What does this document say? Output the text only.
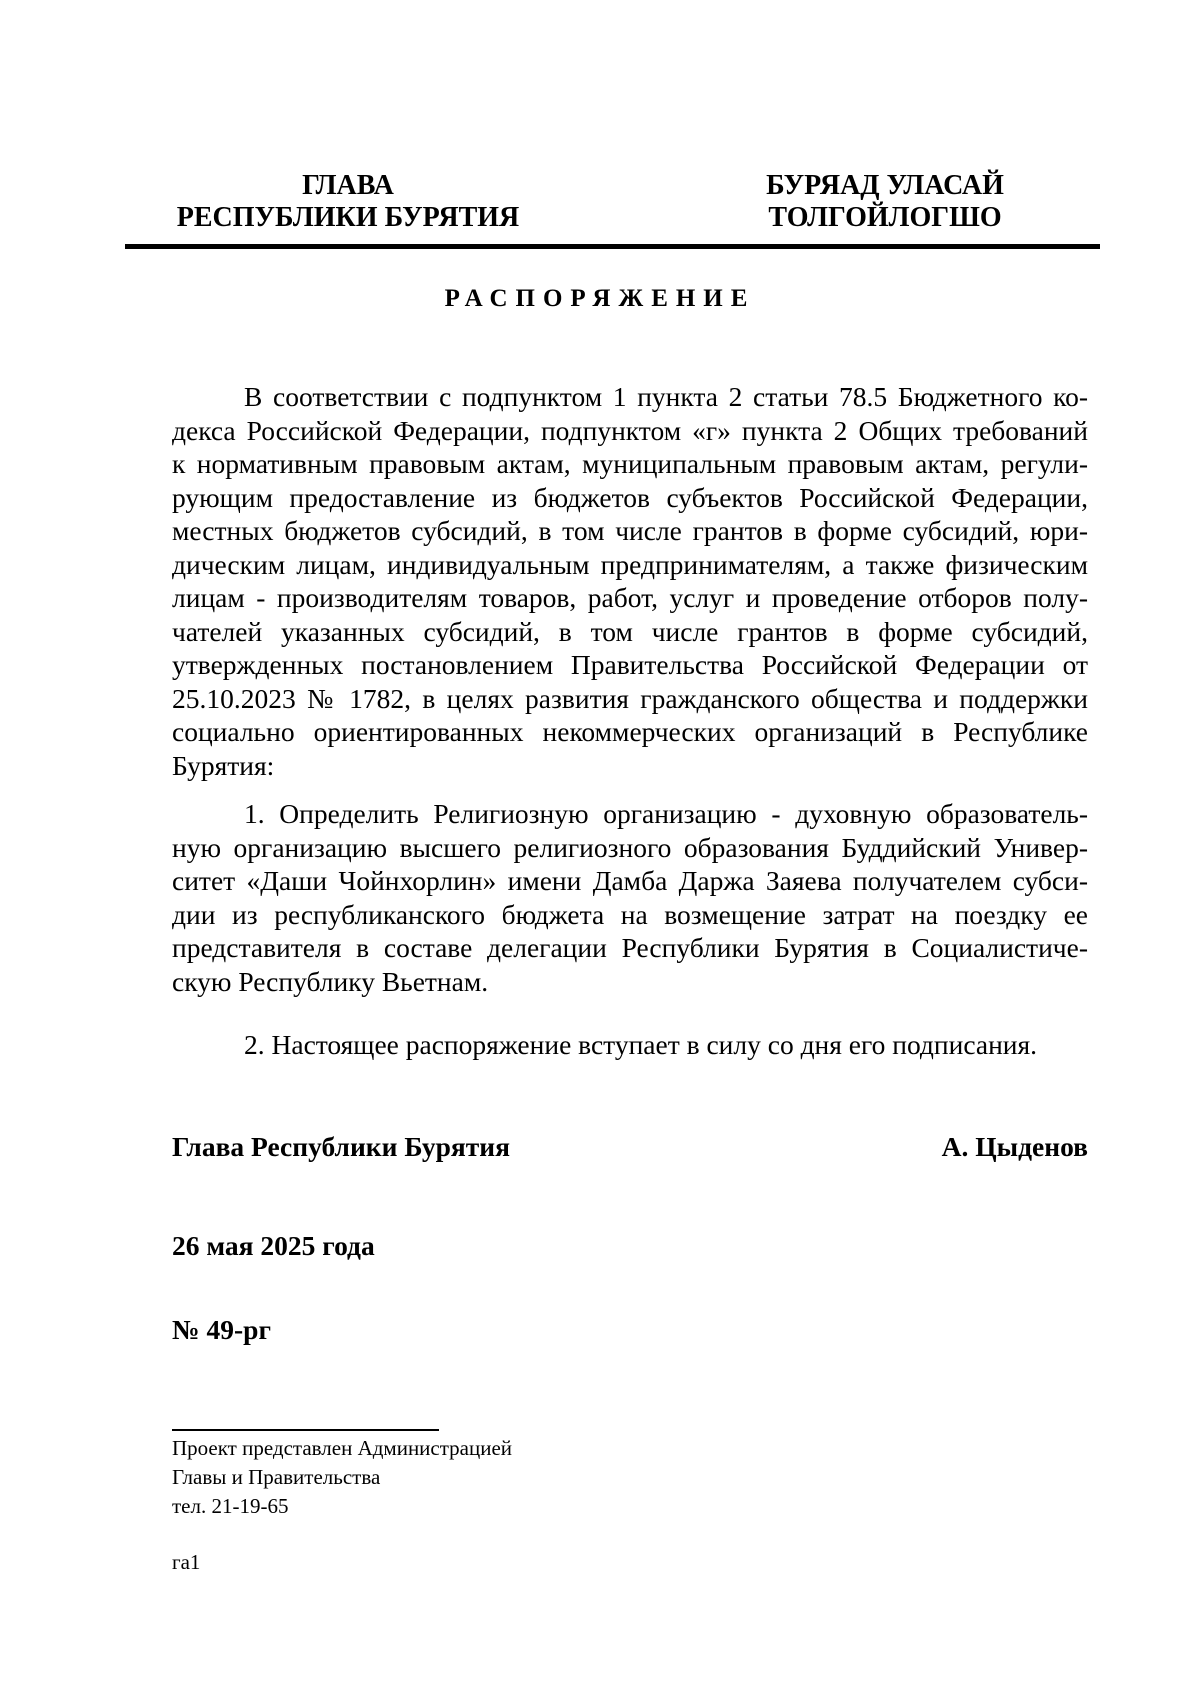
ГЛАВА
РЕСПУБЛИКИ БУРЯТИЯ
БУРЯАД УЛАСАЙ
ТОЛГОЙЛОГШО
РАСПОРЯЖЕНИЕ
В соответствии с подпунктом 1 пункта 2 статьи 78.5 Бюджетного ко-
декса Российской Федерации, подпунктом «г» пункта 2 Общих требований
к нормативным правовым актам, муниципальным правовым актам, регули-
рующим предоставление из бюджетов субъектов Российской Федерации,
местных бюджетов субсидий, в том числе грантов в форме субсидий, юри-
дическим лицам, индивидуальным предпринимателям, а также физическим
лицам - производителям товаров, работ, услуг и проведение отборов полу-
чателей указанных субсидий, в том числе грантов в форме субсидий,
утвержденных постановлением Правительства Российской Федерации от
25.10.2023 № 1782, в целях развития гражданского общества и поддержки
социально ориентированных некоммерческих организаций в Республике
Бурятия:
1. Определить Религиозную организацию - духовную образователь-
ную организацию высшего религиозного образования Буддийский Универ-
ситет «Даши Чойнхорлин» имени Дамба Даржа Заяева получателем субси-
дии из республиканского бюджета на возмещение затрат на поездку ее
представителя в составе делегации Республики Бурятия в Социалистиче-
скую Республику Вьетнам.
2. Настоящее распоряжение вступает в силу со дня его подписания.
Глава Республики Бурятия	А. Цыденов
26 мая 2025 года
№ 49-рг
Проект представлен Администрацией
Главы и Правительства
тел. 21-19-65
га1
